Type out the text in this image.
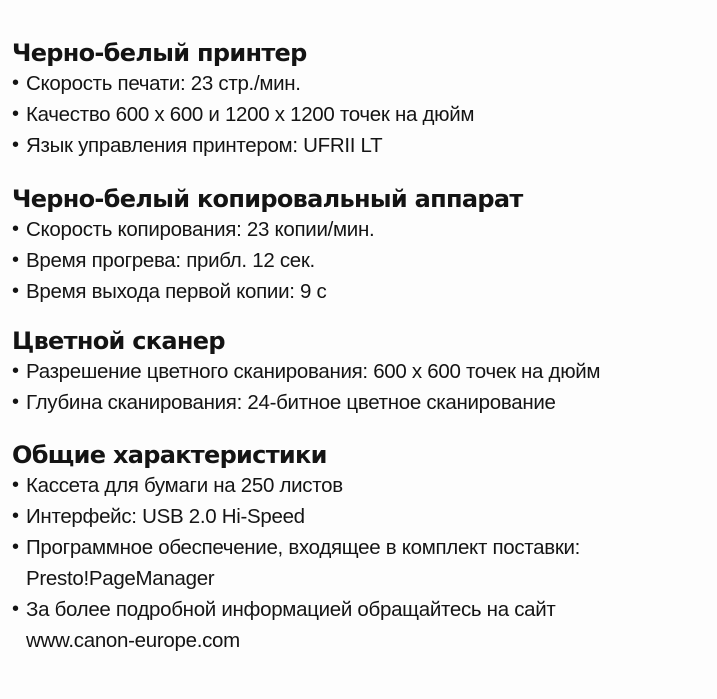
Черно-белый принтер
• Скорость печати: 23 стр./мин.
• Качество 600 x 600 и 1200 x 1200 точек на дюйм
• Язык управления принтером: UFRII LT
Черно-белый копировальный аппарат
• Скорость копирования: 23 копии/мин.
• Время прогрева: прибл. 12 сек.
• Время выхода первой копии: 9 с
Цветной сканер
• Разрешение цветного сканирования: 600 x 600 точек на дюйм
• Глубина сканирования: 24-битное цветное сканирование
Общие характеристики
• Кассета для бумаги на 250 листов
• Интерфейс: USB 2.0 Hi-Speed
• Программное обеспечение, входящее в комплект поставки:
Presto!PageManager
• За более подробной информацией обращайтесь на сайт
www.canon-europe.com
